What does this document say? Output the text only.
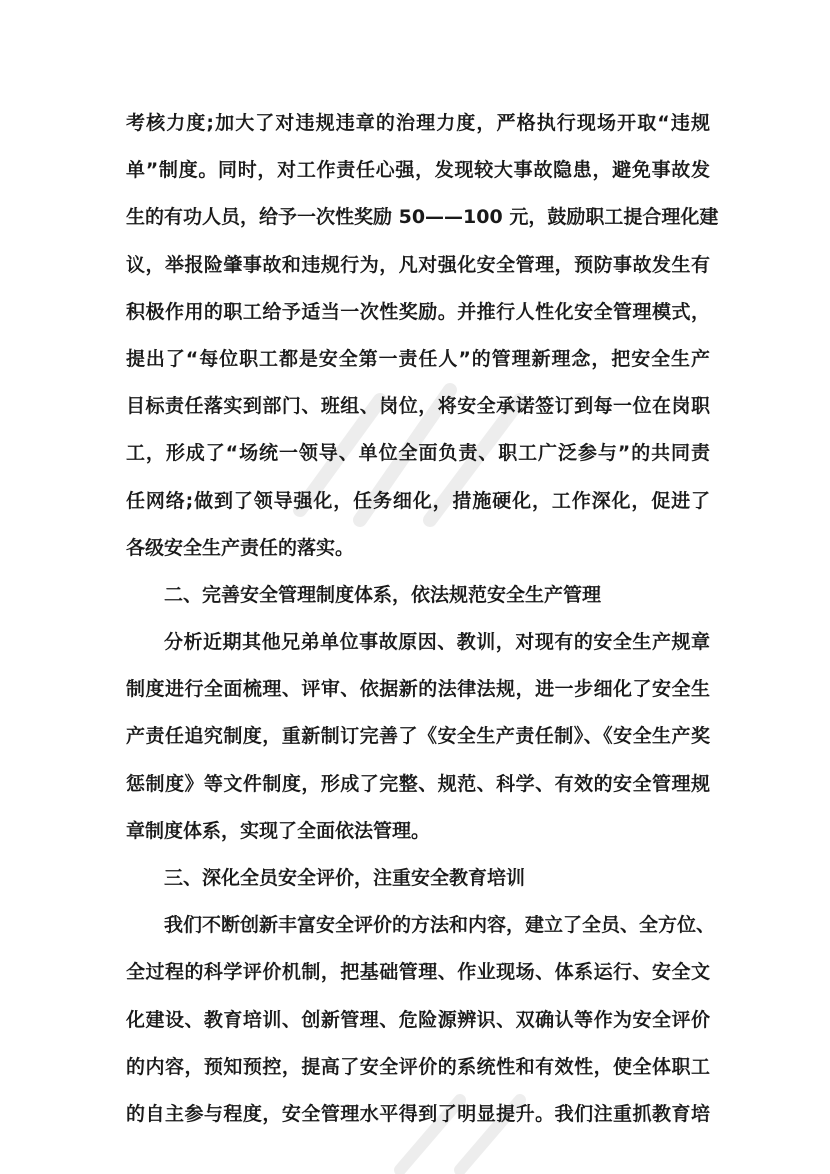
考核力度;加大了对违规违章的治理力度，严格执行现场开取“违规
单”制度。同时，对工作责任心强，发现较大事故隐患，避免事故发
生的有功人员，给予一次性奖励 50——100 元，鼓励职工提合理化建
议，举报险肇事故和违规行为，凡对强化安全管理，预防事故发生有
积极作用的职工给予适当一次性奖励。并推行人性化安全管理模式，
提出了“每位职工都是安全第一责任人”的管理新理念，把安全生产
目标责任落实到部门、班组、岗位，将安全承诺签订到每一位在岗职
工，形成了“场统一领导、单位全面负责、职工广泛参与”的共同责
任网络;做到了领导强化，任务细化，措施硬化，工作深化，促进了
各级安全生产责任的落实。
二、完善安全管理制度体系，依法规范安全生产管理
分析近期其他兄弟单位事故原因、教训，对现有的安全生产规章
制度进行全面梳理、评审、依据新的法律法规，进一步细化了安全生
产责任追究制度，重新制订完善了《安全生产责任制》、《安全生产奖
惩制度》等文件制度，形成了完整、规范、科学、有效的安全管理规
章制度体系，实现了全面依法管理。
三、深化全员安全评价，注重安全教育培训
我们不断创新丰富安全评价的方法和内容，建立了全员、全方位、
全过程的科学评价机制，把基础管理、作业现场、体系运行、安全文
化建设、教育培训、创新管理、危险源辨识、双确认等作为安全评价
的内容，预知预控，提高了安全评价的系统性和有效性，使全体职工
的自主参与程度，安全管理水平得到了明显提升。我们注重抓教育培
